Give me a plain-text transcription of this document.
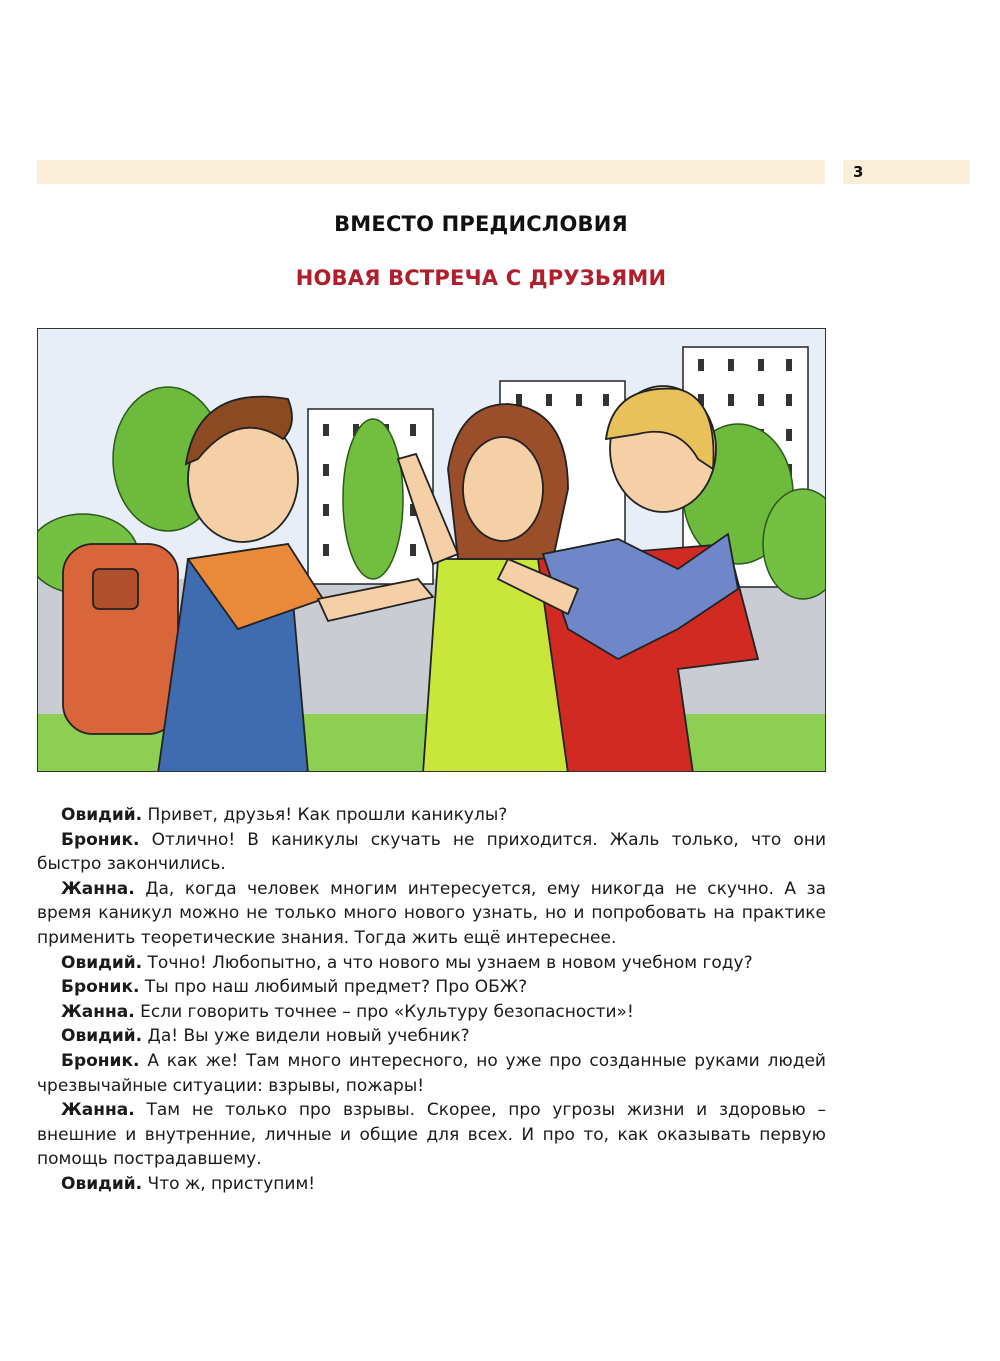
3
ВМЕСТО ПРЕДИСЛОВИЯ
НОВАЯ ВСТРЕЧА С ДРУЗЬЯМИ

Овидий. Привет, друзья! Как прошли каникулы?

Броник. Отлично! В каникулы скучать не приходится. Жаль только, что они быстро закончились.

Жанна. Да, когда человек многим интересуется, ему никогда не скучно. А за время каникул можно не только много нового узнать, но и попробовать на практике применить теоретические знания. Тогда жить ещё интереснее.

Овидий. Точно! Любопытно, а что нового мы узнаем в новом учебном году?

Броник. Ты про наш любимый предмет? Про ОБЖ?

Жанна. Если говорить точнее – про «Культуру безопасности»!

Овидий. Да! Вы уже видели новый учебник?

Броник. А как же! Там много интересного, но уже про созданные руками людей чрезвычайные ситуации: взрывы, пожары!

Жанна. Там не только про взрывы. Скорее, про угрозы жизни и здоровью – внешние и внутренние, личные и общие для всех. И про то, как оказывать первую помощь пострадавшему.

Овидий. Что ж, приступим!
